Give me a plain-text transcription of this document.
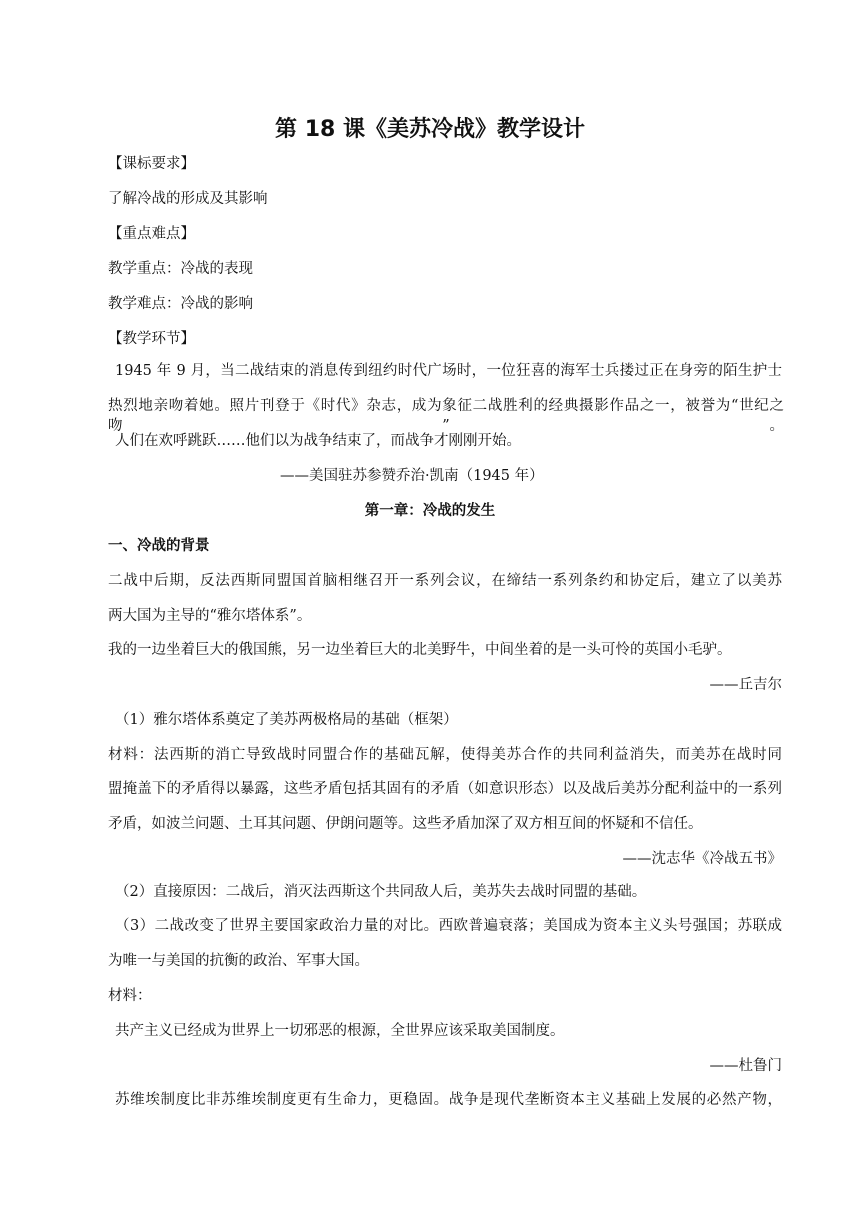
第 18 课《美苏冷战》教学设计
【课标要求】
了解冷战的形成及其影响
【重点难点】
教学重点：冷战的表现
教学难点：冷战的影响
【教学环节】
1945 年 9 月，当二战结束的消息传到纽约时代广场时，一位狂喜的海军士兵搂过正在身旁的陌生护士
热烈地亲吻着她。照片刊登于《时代》杂志，成为象征二战胜利的经典摄影作品之一，被誉为“世纪之吻”。
人们在欢呼跳跃……他们以为战争结束了，而战争才刚刚开始。
——美国驻苏参赞乔治·凯南（1945 年）
第一章：冷战的发生
一、冷战的背景
二战中后期，反法西斯同盟国首脑相继召开一系列会议，在缔结一系列条约和协定后，建立了以美苏
两大国为主导的“雅尔塔体系”。
我的一边坐着巨大的俄国熊，另一边坐着巨大的北美野牛，中间坐着的是一头可怜的英国小毛驴。
——丘吉尔
（1）雅尔塔体系奠定了美苏两极格局的基础（框架）
材料：法西斯的消亡导致战时同盟合作的基础瓦解，使得美苏合作的共同利益消失，而美苏在战时同
盟掩盖下的矛盾得以暴露，这些矛盾包括其固有的矛盾（如意识形态）以及战后美苏分配利益中的一系列
矛盾，如波兰问题、土耳其问题、伊朗问题等。这些矛盾加深了双方相互间的怀疑和不信任。
——沈志华《冷战五书》
（2）直接原因：二战后，消灭法西斯这个共同敌人后，美苏失去战时同盟的基础。
（3）二战改变了世界主要国家政治力量的对比。西欧普遍衰落；美国成为资本主义头号强国；苏联成
为唯一与美国的抗衡的政治、军事大国。
材料：
共产主义已经成为世界上一切邪恶的根源，全世界应该采取美国制度。
——杜鲁门
苏维埃制度比非苏维埃制度更有生命力，更稳固。战争是现代垄断资本主义基础上发展的必然产物，
